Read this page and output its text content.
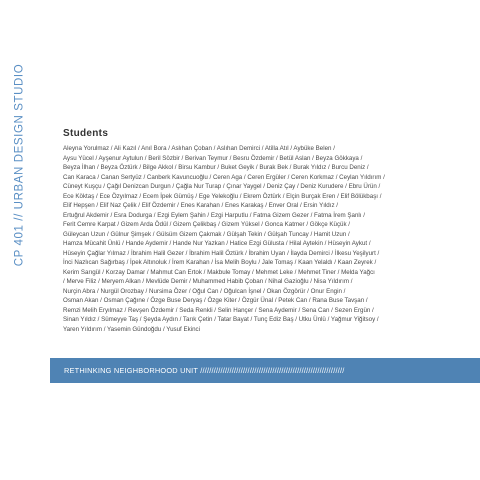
CP 401 // URBAN DESIGN STUDIO	Students
Aleyna Yorulmaz / Ali Kazıl / Anıl Bora / Aslıhan Çoban / Aslıhan Demirci / Atilla Atıl / Aybüke Belen /
Aysu Yücel / Ayşenur Aytulun / Beril Sözbir / Berivan Teymur / Besru Özdemir / Betül Aslan / Beyza Gökkaya /
Beyza İlhan / Beyza Öztürk / Bilge Akkol / Birsu Kambur / Buket Geyik / Burak Bek / Burak Yıldız / Burcu Deniz /
Can Karaca / Canan Sertyüz / Canberk Kavuncuoğlu / Ceren Aga / Ceren Ergüler / Ceren Korkmaz / Ceylan Yıldırım /
Cüneyt Kuşçu / Çağıl Denizcan Durgun / Çağla Nur Turap / Çınar Yaygel / Deniz Çay / Deniz Kurudere / Ebru Ürün /
Ece Köktaş / Ece Özyılmaz / Ecem İpek Gümüş / Ege Yelekoğlu / Ekrem Öztürk / Elçin Burçak Eren / Elif Bölükbaşı /
Elif Hepşen / Elif Naz Çelik / Elif Özdemir / Enes Karahan / Enes Karakaş / Enver Oral / Ersin Yıldız /
Ertuğrul Akdemir / Esra Dodurga / Ezgi Eylem Şahin / Ezgi Harputlu / Fatma Gizem Gezer / Fatma İrem Şanlı /
Ferit Cemre Karpat / Gizem Arda Ödül / Gizem Çelikbaş / Gizem Yüksel / Gonca Katmer / Gökçe Küçük /
Güleycan Uzun / Gülnur Şimşek / Gülsüm Gizem Çakmak / Gülşah Tekin / Gülşah Tuncay / Hamit Uzun /
Hamza Mücahit Ünlü / Hande Aydemir / Hande Nur Yazkan / Hatice Ezgi Gülusta / Hilal Aytekin / Hüseyin Aykut /
Hüseyin Çağlar Yılmaz / İbrahim Halil Gezer / İbrahim Halil Öztürk / İbrahim Uyan / İlayda Demirci / İlkesu Yeşilyurt /
İnci Nazlıcan Sağırbaş / İpek Altınoluk / İrem Karahan / İsa Melih Boylu / Jale Tomaş / Kaan Yelaldı / Kaan Zeyrek /
Kerim Sarıgül / Korzay Damar / Mahmut Can Ertok / Makbule Tomay / Mehmet Leke / Mehmet Tiner / Melda Yağcı
/ Merve Filiz / Meryem Alkan / Mevlüde Demir / Muhammed Habib Çoban / Nihal Gazioğlu / Nisa Yıldırım /
Nurçin Abra / Nurgül Orozbay / Nursima Özer / Oğul Can / Oğulcan İşnel / Okan Özgörür / Onur Engin /
Osman Akan / Osman Çağıne / Özge Buse Deryaş / Özge Kiter / Özgür Ünal / Petek Can / Rana Buse Tavşan /
Remzi Melih Eryılmaz / Revşen Özdemir / Seda Renkli / Selin Hançer / Sena Aydemir / Sena Can / Sezen Ergün /
Sinan Yıldız / Sümeyye Taş / Şeyda Aydın / Tarık Çetin / Tatar Bayat / Tunç Ediz Baş / Utku Ünlü / Yağmur Yiğitsoy /
Yaren Yıldırım / Yasemin Gündoğdu / Yusuf Ekinci
RETHINKING NEIGHBORHOOD UNIT ////////////////////////////////////////////////////////////////
